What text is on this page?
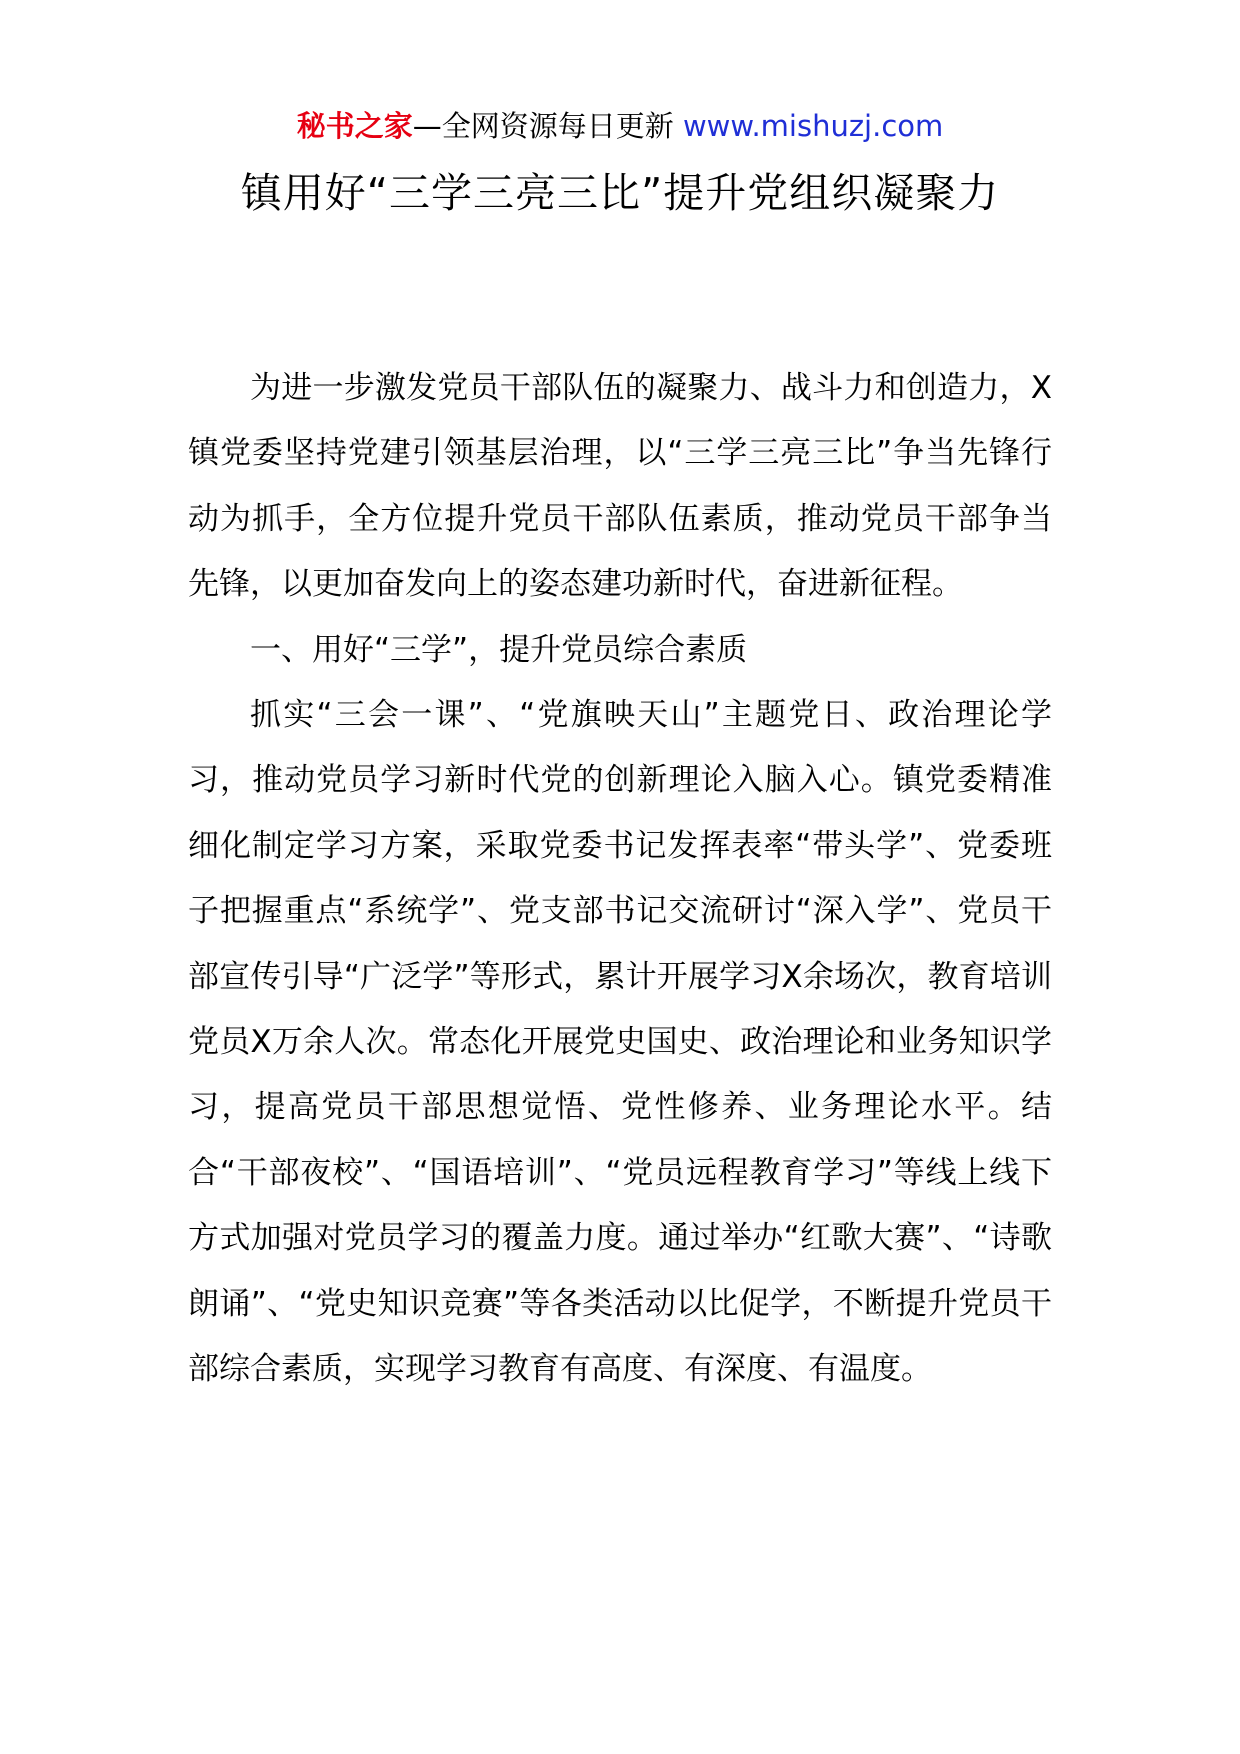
秘书之家—全网资源每日更新 www.mishuzj.com
镇用好“三学三亮三比”提升党组织凝聚力

为进一步激发党员干部队伍的凝聚力、战斗力和创造力，X镇党委坚持党建引领基层治理，以“三学三亮三比”争当先锋行动为抓手，全方位提升党员干部队伍素质，推动党员干部争当先锋，以更加奋发向上的姿态建功新时代，奋进新征程。

一、用好“三学”，提升党员综合素质

抓实“三会一课”、“党旗映天山”主题党日、政治理论学习，推动党员学习新时代党的创新理论入脑入心。镇党委精准细化制定学习方案，采取党委书记发挥表率“带头学”、党委班子把握重点“系统学”、党支部书记交流研讨“深入学”、党员干部宣传引导“广泛学”等形式，累计开展学习X余场次，教育培训党员X万余人次。常态化开展党史国史、政治理论和业务知识学习，提高党员干部思想觉悟、党性修养、业务理论水平。结合“干部夜校”、“国语培训”、“党员远程教育学习”等线上线下方式加强对党员学习的覆盖力度。通过举办“红歌大赛”、“诗歌朗诵”、“党史知识竞赛”等各类活动以比促学，不断提升党员干部综合素质，实现学习教育有高度、有深度、有温度。
